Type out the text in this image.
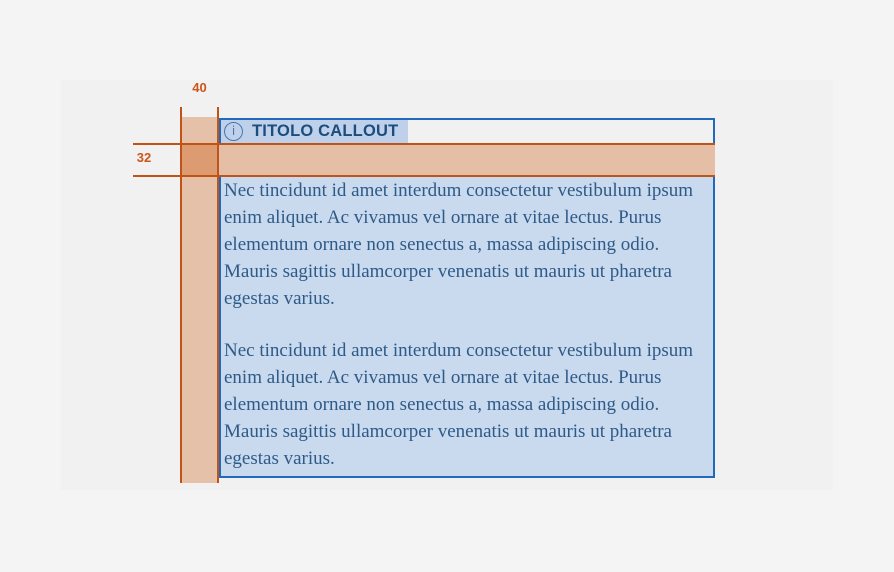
i	TITOLO CALLOUT

Nec tincidunt id amet interdum consectetur vestibulum ipsum enim aliquet. Ac vivamus vel ornare at vitae lectus. Purus elementum ornare non senectus a, massa adipiscing odio. Mauris sagittis ullamcorper venenatis ut mauris ut pharetra egestas varius.

Nec tincidunt id amet interdum consectetur vestibulum ipsum enim aliquet. Ac vivamus vel ornare at vitae lectus. Purus elementum ornare non senectus a, massa adipiscing odio. Mauris sagittis ullamcorper venenatis ut mauris ut pharetra egestas varius.

40
32
